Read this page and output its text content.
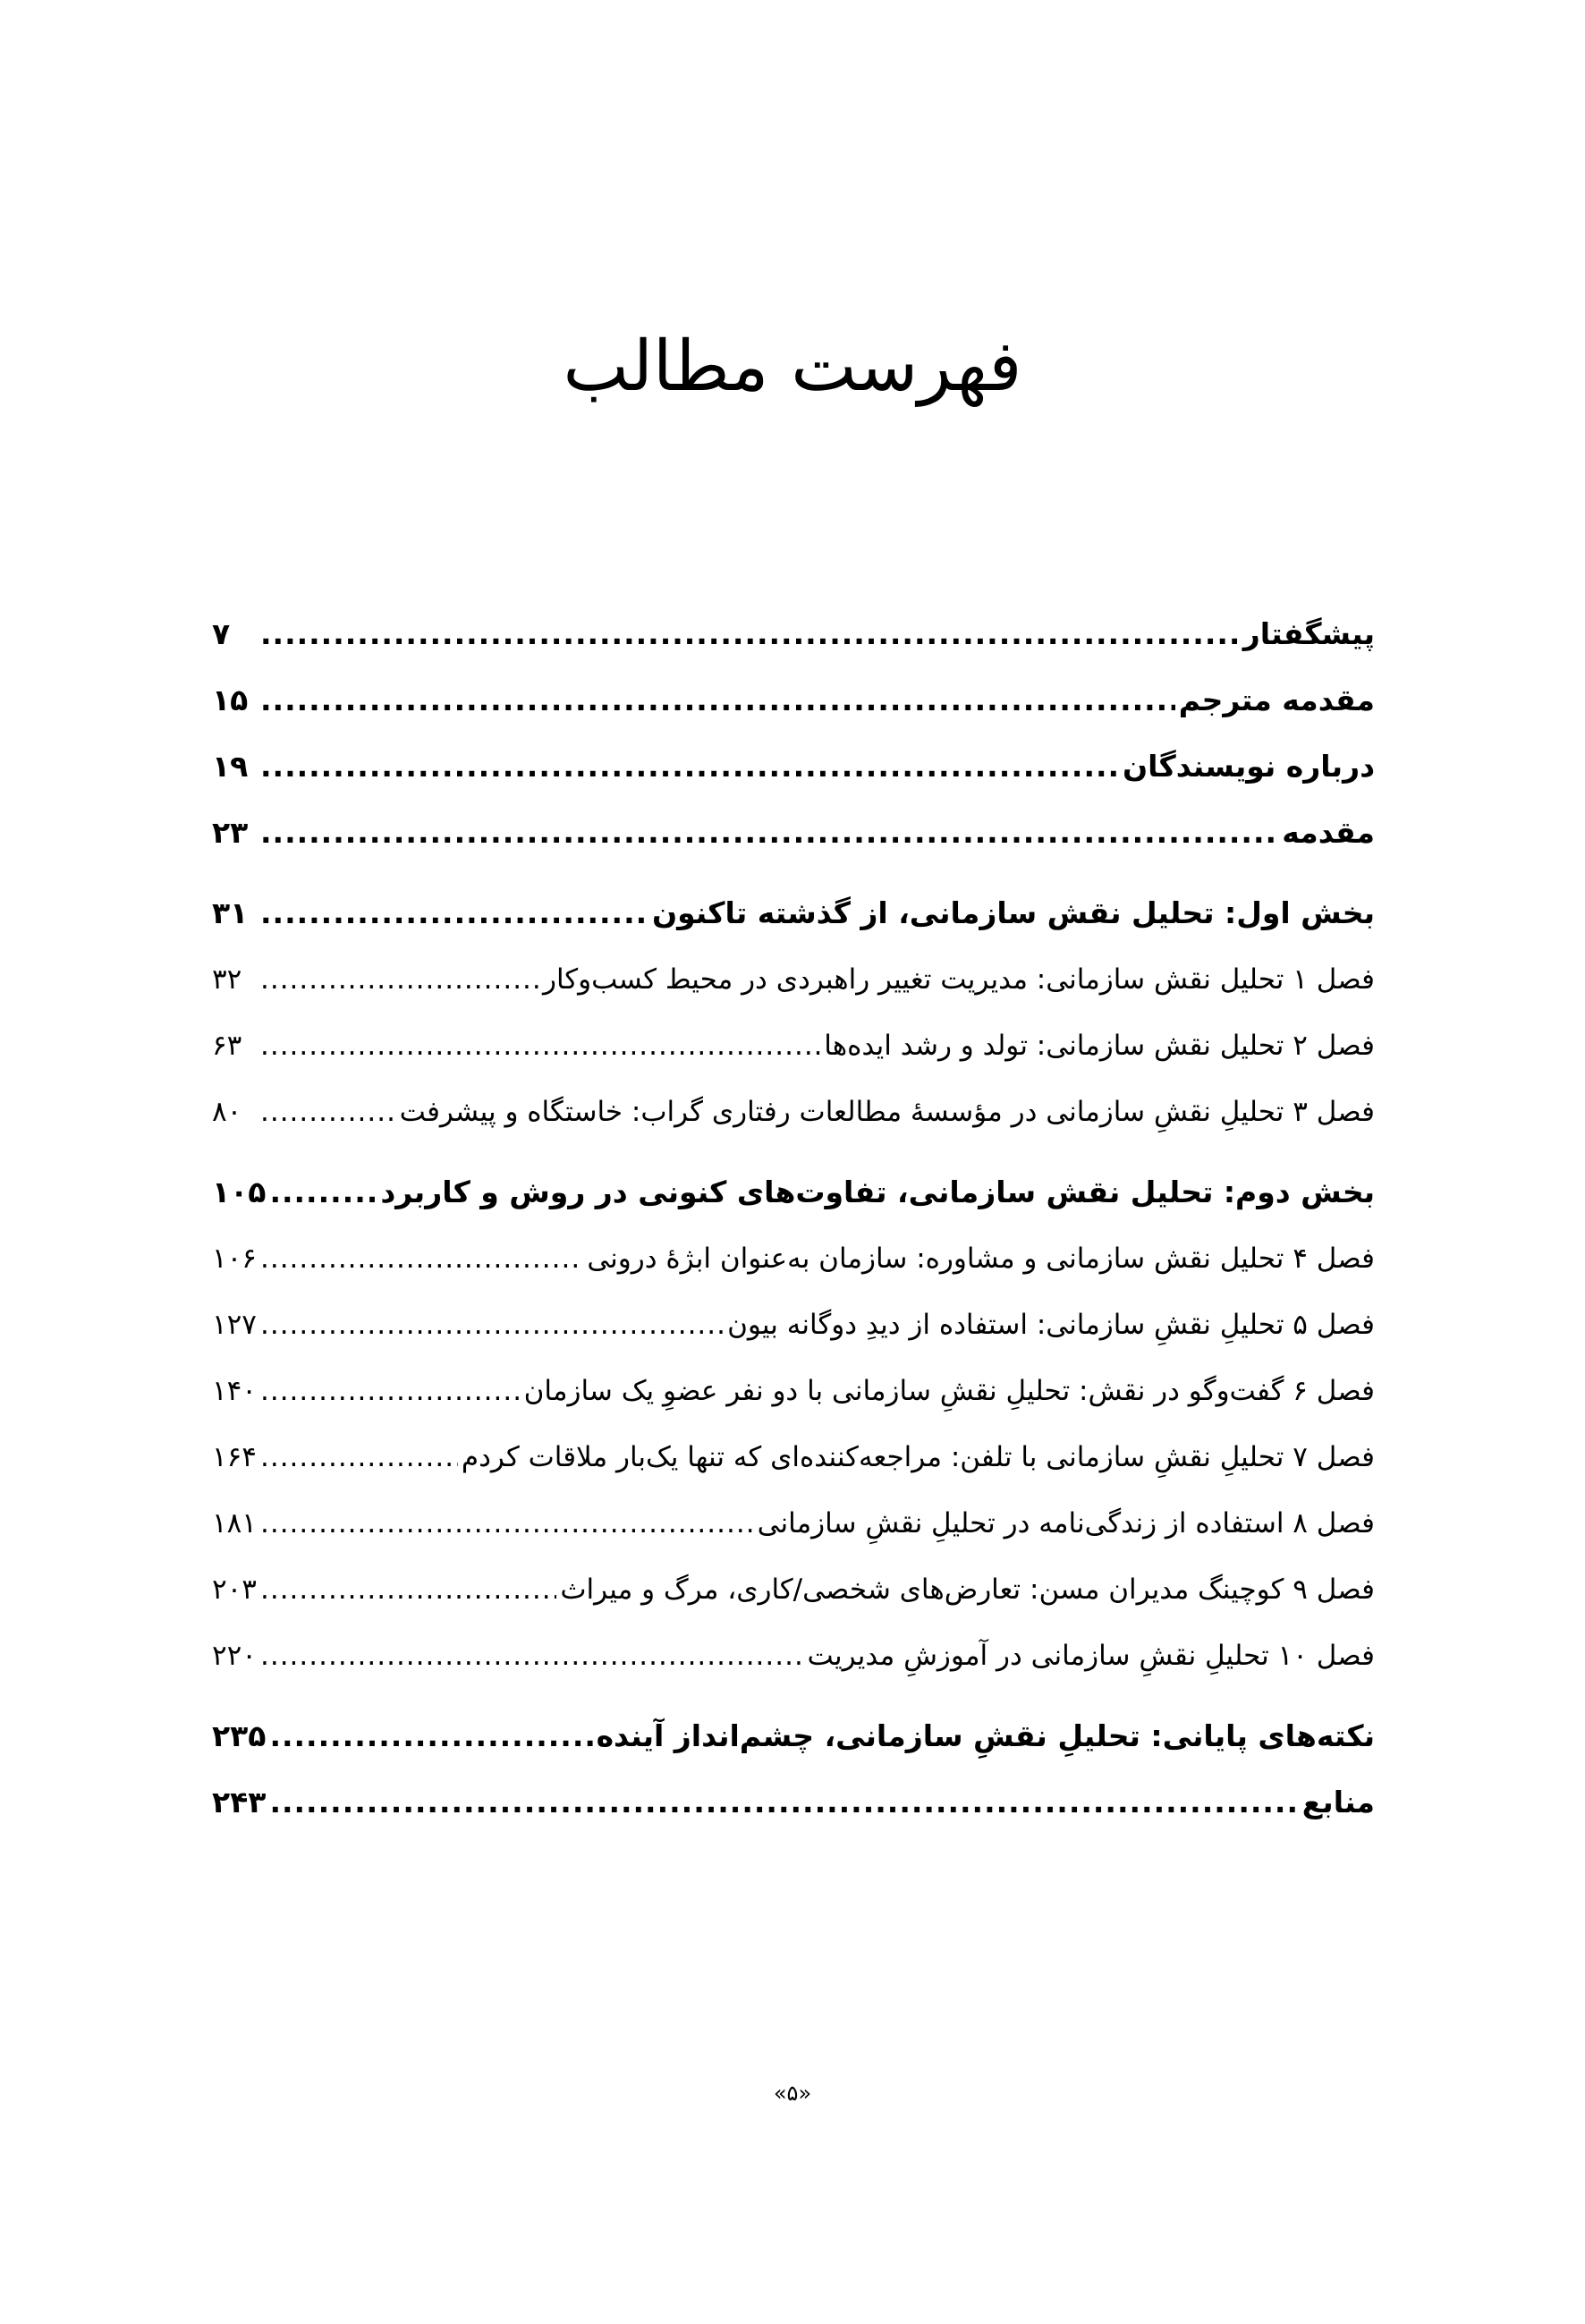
فهرست مطالب
پیشگفتار
.....
۷
مقدمه مترجم
.....
۱۵
درباره نویسندگان
.....
۱۹
مقدمه
.....
۲۳
بخش اول: تحلیل نقش سازمانی، از گذشته تاکنون
.....
۳۱
فصل ۱ تحلیل نقش سازمانی: مدیریت تغییر راهبردی در محیط کسب‌وکار
.....
۳۲
فصل ۲ تحلیل نقش سازمانی: تولد و رشد ایده‌ها
.....
۶۳
فصل ۳ تحلیلِ نقشِ سازمانی در مؤسسۀ مطالعات رفتاری گراب: خاستگاه و پیشرفت
.....
۸۰
بخش دوم: تحلیل نقش سازمانی، تفاوت‌های کنونی در روش و کاربرد
.....
۱۰۵
فصل ۴ تحلیل نقش سازمانی و مشاوره: سازمان به‌عنوان ابژۀ درونی
.....
۱۰۶
فصل ۵ تحلیلِ نقشِ سازمانی: استفاده از دیدِ دوگانه بیون
.....
۱۲۷
فصل ۶ گفت‌وگو در نقش: تحلیلِ نقشِ سازمانی با دو نفر عضوِ یک سازمان
.....
۱۴۰
فصل ۷ تحلیلِ نقشِ سازمانی با تلفن: مراجعه‌کننده‌ای که تنها یک‌بار ملاقات کردم
.....
۱۶۴
فصل ۸ استفاده از زندگی‌نامه در تحلیلِ نقشِ سازمانی
.....
۱۸۱
فصل ۹ کوچینگ مدیران مسن: تعارض‌های شخصی/کاری، مرگ و میراث
.....
۲۰۳
فصل ۱۰ تحلیلِ نقشِ سازمانی در آموزشِ مدیریت
.....
۲۲۰
نکته‌های پایانی: تحلیلِ نقشِ سازمانی، چشم‌انداز آینده
.....
۲۳۵
منابع
.....
۲۴۳
«۵»
